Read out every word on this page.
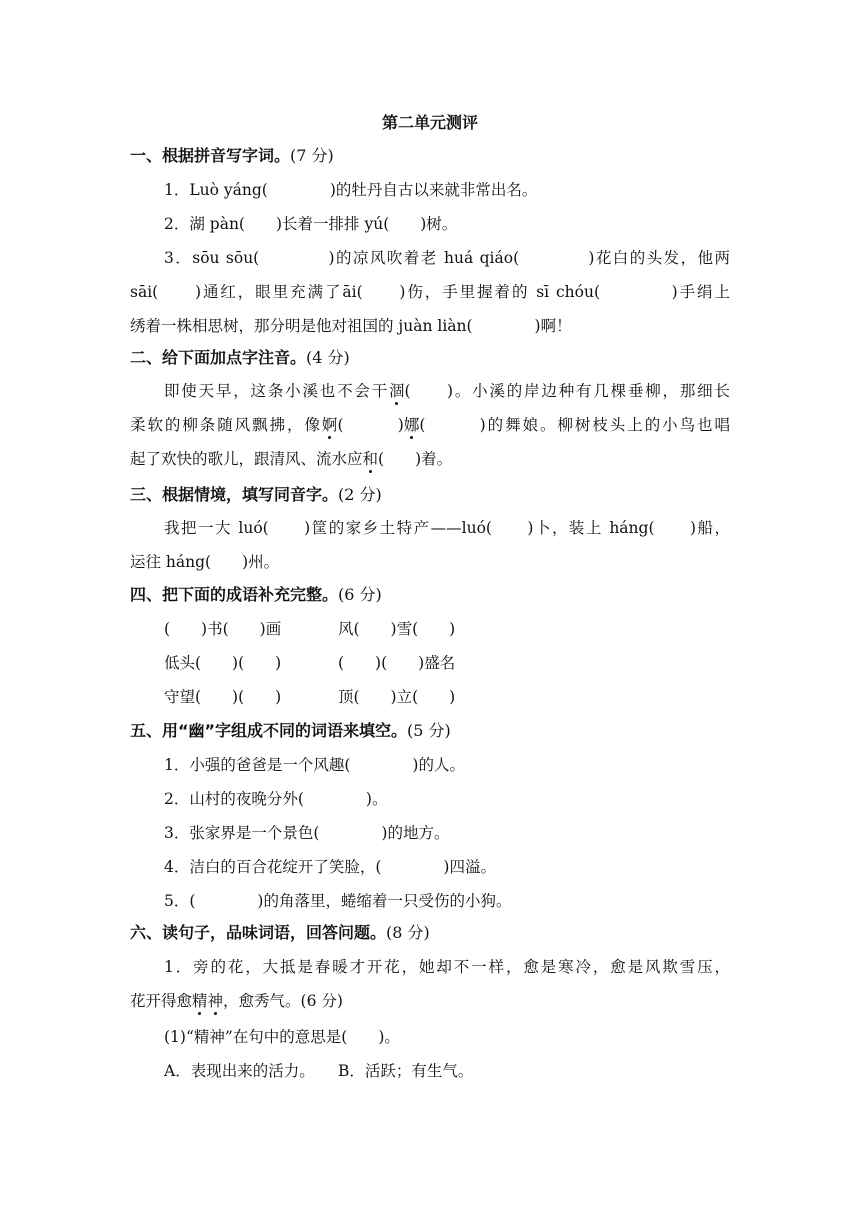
第二单元测评
一、根据拼音写字词。(7 分)
1．Luò yáng(　　　　)的牡丹自古以来就非常出名。
2．湖 pàn(　　)长着一排排 yú(　　)树。
3．sōu sōu(　　　　)的凉风吹着老 huá qiáo(　　　　)花白的头发，他两
sāi(　　)通红，眼里充满了āi(　　)伤，手里握着的 sī chóu(　　　　)手绢上
绣着一株相思树，那分明是他对祖国的 juàn liàn(　　　　)啊！
二、给下面加点字注音。(4 分)
即使天早，这条小溪也不会干涸(　　)。小溪的岸边种有几棵垂柳，那细长
柔软的柳条随风飘拂，像婀(　　　)娜(　　　)的舞娘。柳树枝头上的小鸟也唱
起了欢快的歌儿，跟清风、流水应和(　　)着。
三、根据情境，填写同音字。(2 分)
我把一大 luó(　　)筐的家乡土特产——luó(　　)卜，装上 háng(　　)船，
运往 háng(　　)州。
四、把下面的成语补充完整。(6 分)
(　　)书(　　)画	风(　　)雪(　　)
低头(　　)(　　)	(　　)(　　)盛名
守望(　　)(　　)	顶(　　)立(　　)
五、用“幽”字组成不同的词语来填空。(5 分)
1．小强的爸爸是一个风趣(　　　　)的人。
2．山村的夜晚分外(　　　　)。
3．张家界是一个景色(　　　　)的地方。
4．洁白的百合花绽开了笑脸，(　　　　)四溢。
5．(　　　　)的角落里，蜷缩着一只受伤的小狗。
六、读句子，品味词语，回答问题。(8 分)
1．旁的花，大抵是春暖才开花，她却不一样，愈是寒冷，愈是风欺雪压，
花开得愈精神，愈秀气。(6 分)
(1)“精神”在句中的意思是(　　)。
A．表现出来的活力。　　B．活跃；有生气。
